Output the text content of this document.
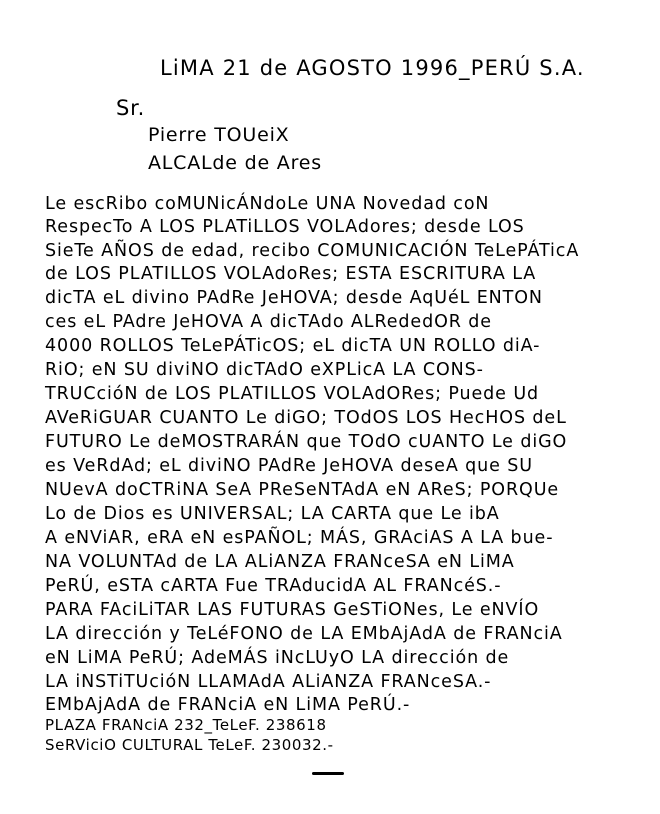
LiMA 21 de AGOSTO 1996_PERÚ S.A.
Sr.
Pierre TOUeiX
ALCALde de Ares
Le escRibo coMUNicÁNdoLe UNA Novedad coN
RespecTo A LOS PLATiLLOS VOLAdores; desde LOS
SieTe AÑOS de edad, recibo COMUNICACIÓN TeLePÁTicA
de LOS PLATILLOS VOLAdoRes; ESTA ESCRITURA LA
dicTA eL divino PAdRe JeHOVA; desde AqUéL ENTON
ces eL PAdre JeHOVA A dicTAdo ALRededOR de
4000 ROLLOS TeLePÁTicOS; eL dicTA UN ROLLO diA-
RiO; eN SU diviNO dicTAdO eXPLicA LA CONS-
TRUCcióN de LOS PLATILLOS VOLAdORes; Puede Ud
AVeRiGUAR CUANTO Le diGO; TOdOS LOS HecHOS deL
FUTURO Le deMOSTRARÁN que TOdO cUANTO Le diGO
es VeRdAd; eL diviNO PAdRe JeHOVA deseA que SU
NUevA doCTRiNA SeA PReSeNTAdA eN AReS; PORQUe
Lo de Dios es UNIVERSAL; LA CARTA que Le ibA
A eNViAR, eRA eN esPAÑOL; MÁS, GRAciAS A LA bue-
NA VOLUNTAd de LA ALiANZA FRANceSA eN LiMA
PeRÚ, eSTA cARTA Fue TRAducidA AL FRANcéS.-
PARA FAciLiTAR LAS FUTURAS GeSTiONes, Le eNVÍO
LA dirección y TeLéFONO de LA EMbAjAdA de FRANciA
eN LiMA PeRÚ; AdeMÁS iNcLUyO LA dirección de
LA iNSTiTUcióN LLAMAdA ALiANZA FRANceSA.-
EMbAjAdA de FRANciA eN LiMA PeRÚ.-
PLAZA FRANciA 232_TeLeF. 238618
SeRViciO CULTURAL TeLeF. 230032.-
